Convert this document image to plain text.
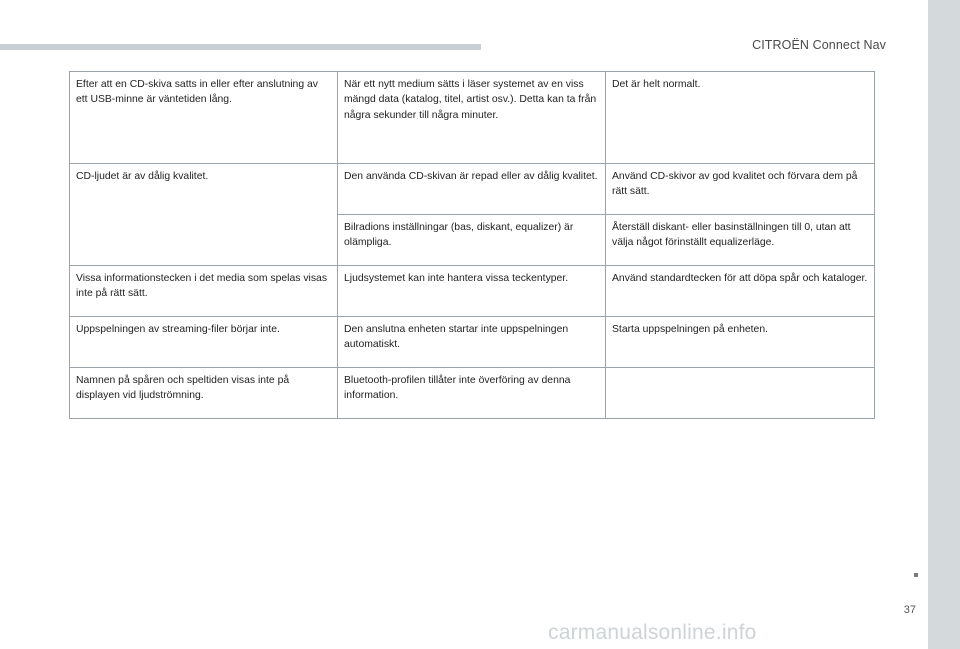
CITROËN Connect Nav
37
carmanualsonline.info
Efter att en CD-skiva satts in eller efter anslutning av ett USB-minne är väntetiden lång.	När ett nytt medium sätts i läser systemet av en viss mängd data (katalog, titel, artist osv.). Detta kan ta från några sekunder till några minuter.	Det är helt normalt.
CD-ljudet är av dålig kvalitet.	Den använda CD-skivan är repad eller av dålig kvalitet.	Använd CD-skivor av god kvalitet och förvara dem på rätt sätt.
	Bilradions inställningar (bas, diskant, equalizer) är olämpliga.	Återställ diskant- eller basinställningen till 0, utan att välja något förinställt equalizerläge.
Vissa informationstecken i det media som spelas visas inte på rätt sätt.	Ljudsystemet kan inte hantera vissa teckentyper.	Använd standardtecken för att döpa spår och kataloger.
Uppspelningen av streaming-filer börjar inte.	Den anslutna enheten startar inte uppspelningen automatiskt.	Starta uppspelningen på enheten.
Namnen på spåren och speltiden visas inte på displayen vid ljudströmning.	Bluetooth-profilen tillåter inte överföring av denna information.	
